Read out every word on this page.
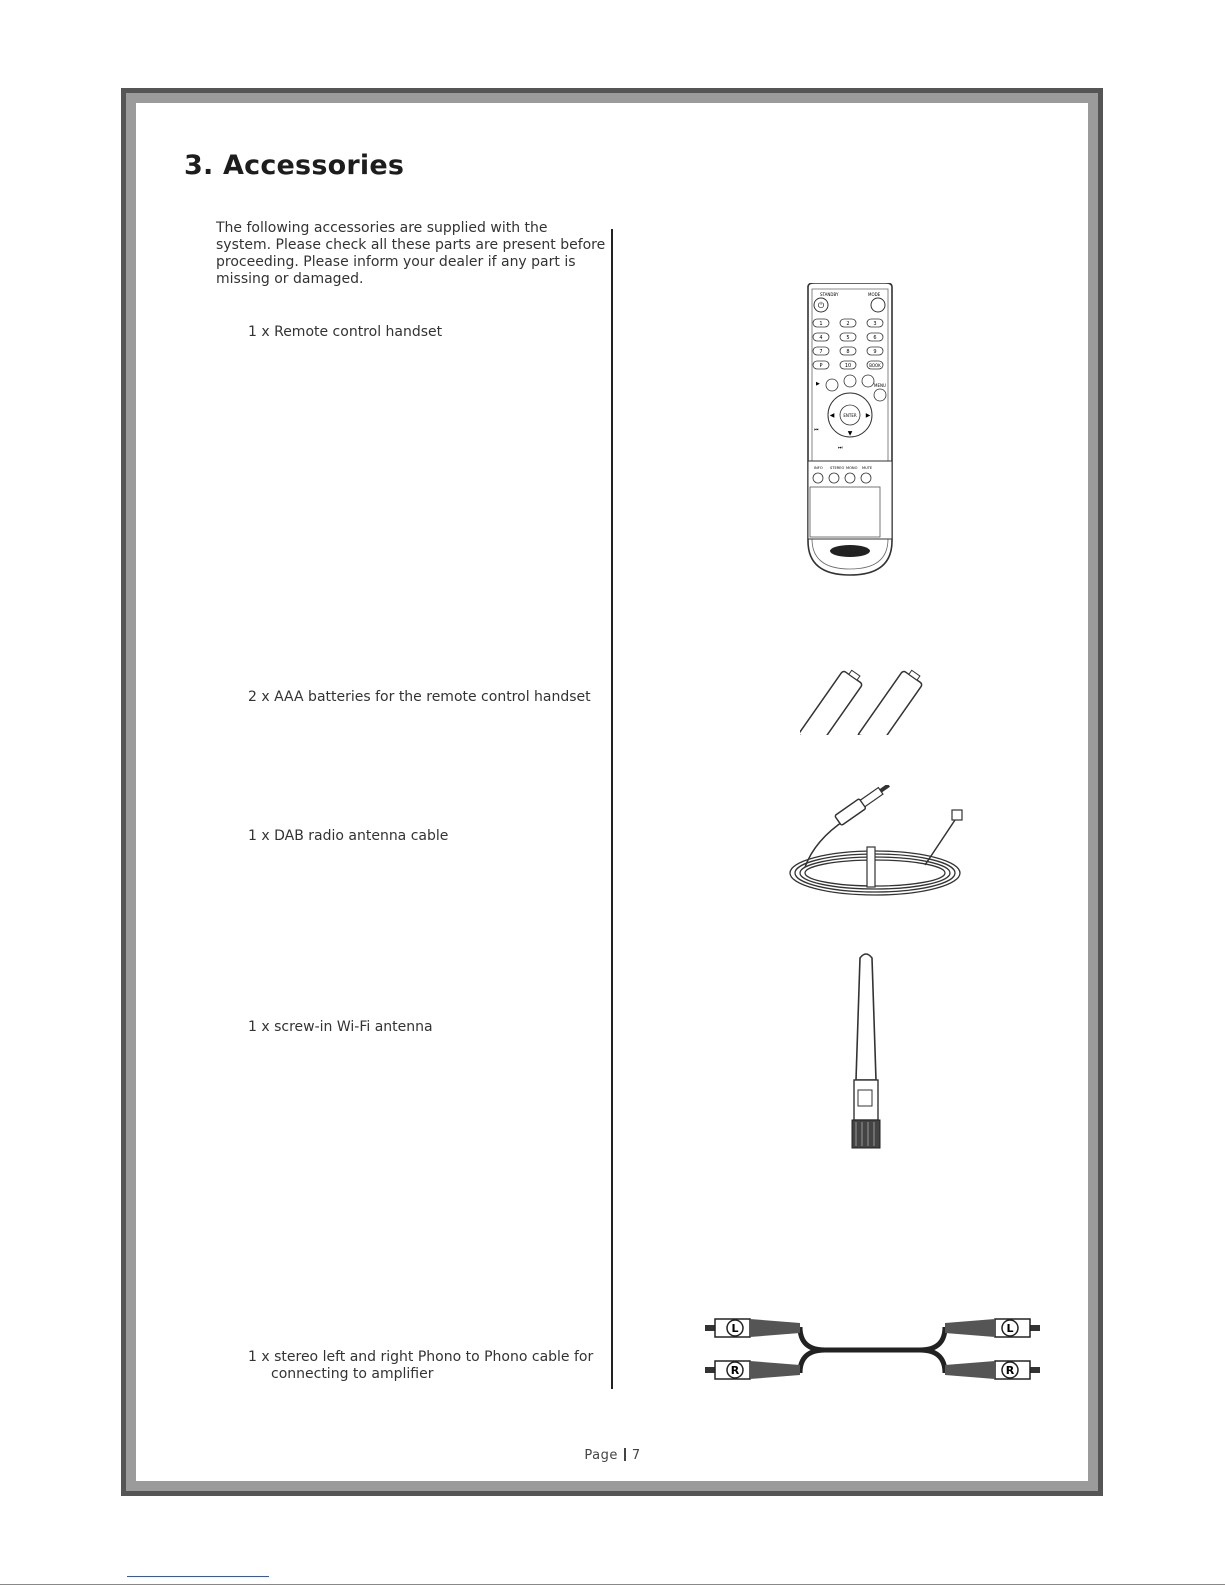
3. Accessories

The following accessories are supplied with the system. Please check all these parts are present before proceeding. Please inform your dealer if any part is missing or damaged.

1 x Remote control handset

2 x AAA batteries for the remote control handset

1 x DAB radio antenna cable

1 x screw-in Wi-Fi antenna

1 x stereo left and right Phono to Phono cable for
connecting to amplifier

STANDBY	MODE
⏻
1	2	3
4	5	6
7	8	9
P	10	BOOK
▶	MENU
ENTER
◀	▶
▼
⏮
⏭
INFO STEREO MONO MUTE
L
R
L
R
Page 7
